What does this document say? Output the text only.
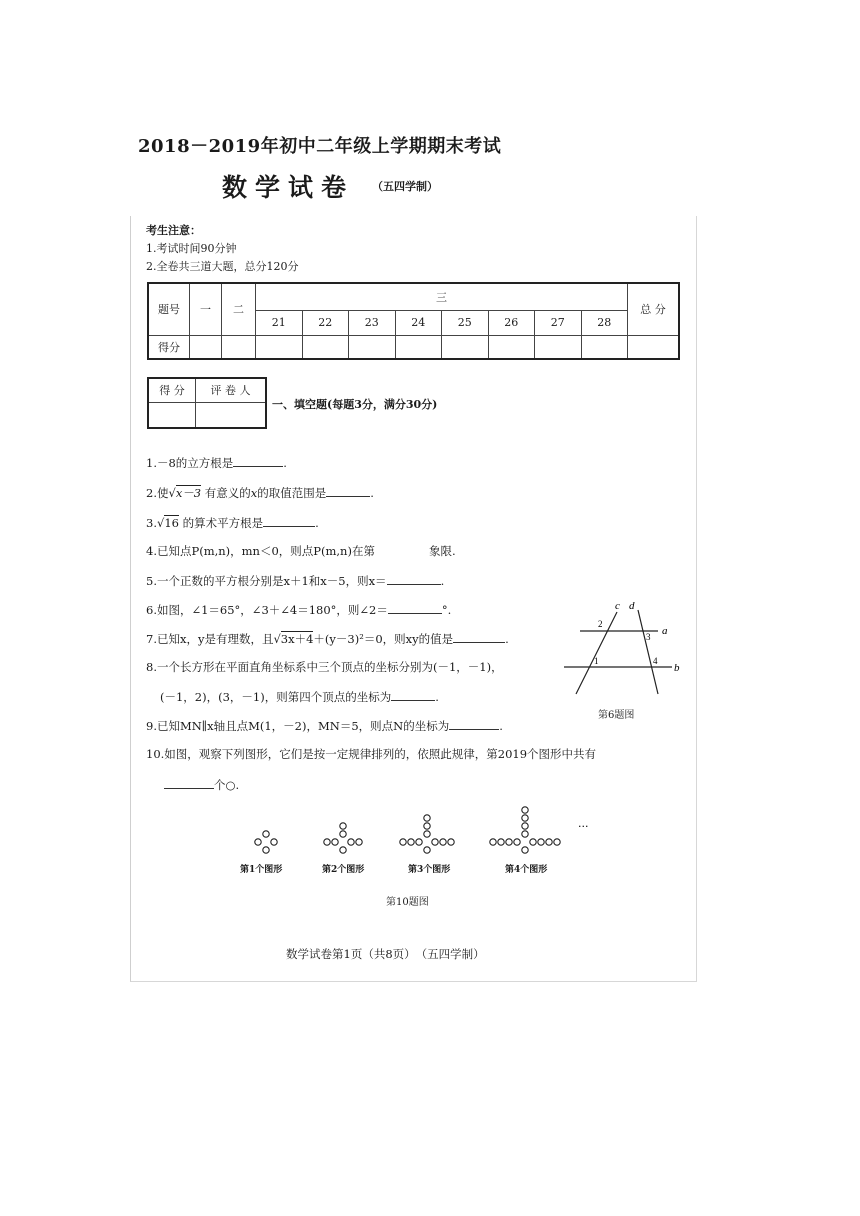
2018－2019年初中二年级上学期期末考试
数学试卷 （五四学制）
考生注意：
1.考试时间90分钟
2.全卷共三道大题，总分120分
题号	一	二	三								总 分
			21	22	23	24	25	26	27	28	
得分											
得 分	评 卷 人

一、填空题(每题3分，满分30分)
1.－8的立方根是	.
2.使√x－3 有意义的x的取值范围是	.
3.√16 的算术平方根是	.
4.已知点P(m,n)，mn＜0，则点P(m,n)在第	象限.
5.一个正数的平方根分别是x＋1和x－5，则x＝	.
6.如图，∠1＝65°，∠3＋∠4＝180°，则∠2＝	°.
7.已知x，y是有理数，且√3x＋4＋(y－3)²＝0，则xy的值是	.
8.一个长方形在平面直角坐标系中三个顶点的坐标分别为(－1，－1)，
(－1，2)，(3，－1)，则第四个顶点的坐标为	.
9.已知MN∥x轴且点M(1，－2)，MN＝5，则点N的坐标为	.
10.如图，观察下列图形，它们是按一定规律排列的，依照此规律，第2019个图形中共有
个○.
c d
a
b
2
3
1	4
第6题图
···
第1个图形	第2个图形	第3个图形	第4个图形
第10题图
数学试卷第1页（共8页）　（五四学制）
